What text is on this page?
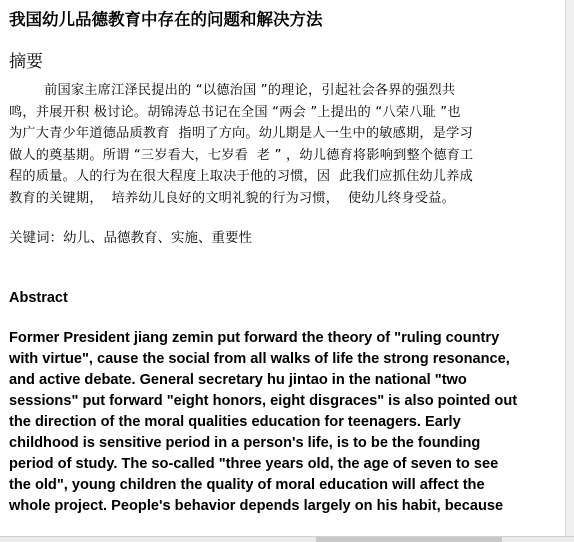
我国幼儿品德教育中存在的问题和解决方法
摘要
前国家主席江泽民提出的 “以德治国 ”的理论，引起社会各界的强烈共
鸣，并展开积 极讨论。胡锦涛总书记在全国 “两会 ”上提出的 “八荣八耻 ”也
为广大青少年道德品质教育  指明了方向。幼儿期是人一生中的敏感期，是学习
做人的奠基期。所谓 “三岁看大，七岁看  老 ” ，幼儿德育将影响到整个德育工
程的质量。人的行为在很大程度上取决于他的习惯，因  此我们应抓住幼儿养成
教育的关键期，  培养幼儿良好的文明礼貌的行为习惯，  使幼儿终身受益。
关键词：幼儿、品德教育、实施、重要性
Abstract
Former President jiang zemin put forward the theory of "ruling country
with virtue", cause the social from all walks of life the strong resonance,
and active debate. General secretary hu jintao in the national "two
sessions" put forward "eight honors, eight disgraces" is also pointed out
the direction of the moral qualities education for teenagers. Early
childhood is sensitive period in a person's life, is to be the founding
period of study. The so-called "three years old, the age of seven to see
the old", young children the quality of moral education will affect the
whole project. People's behavior depends largely on his habit, because
